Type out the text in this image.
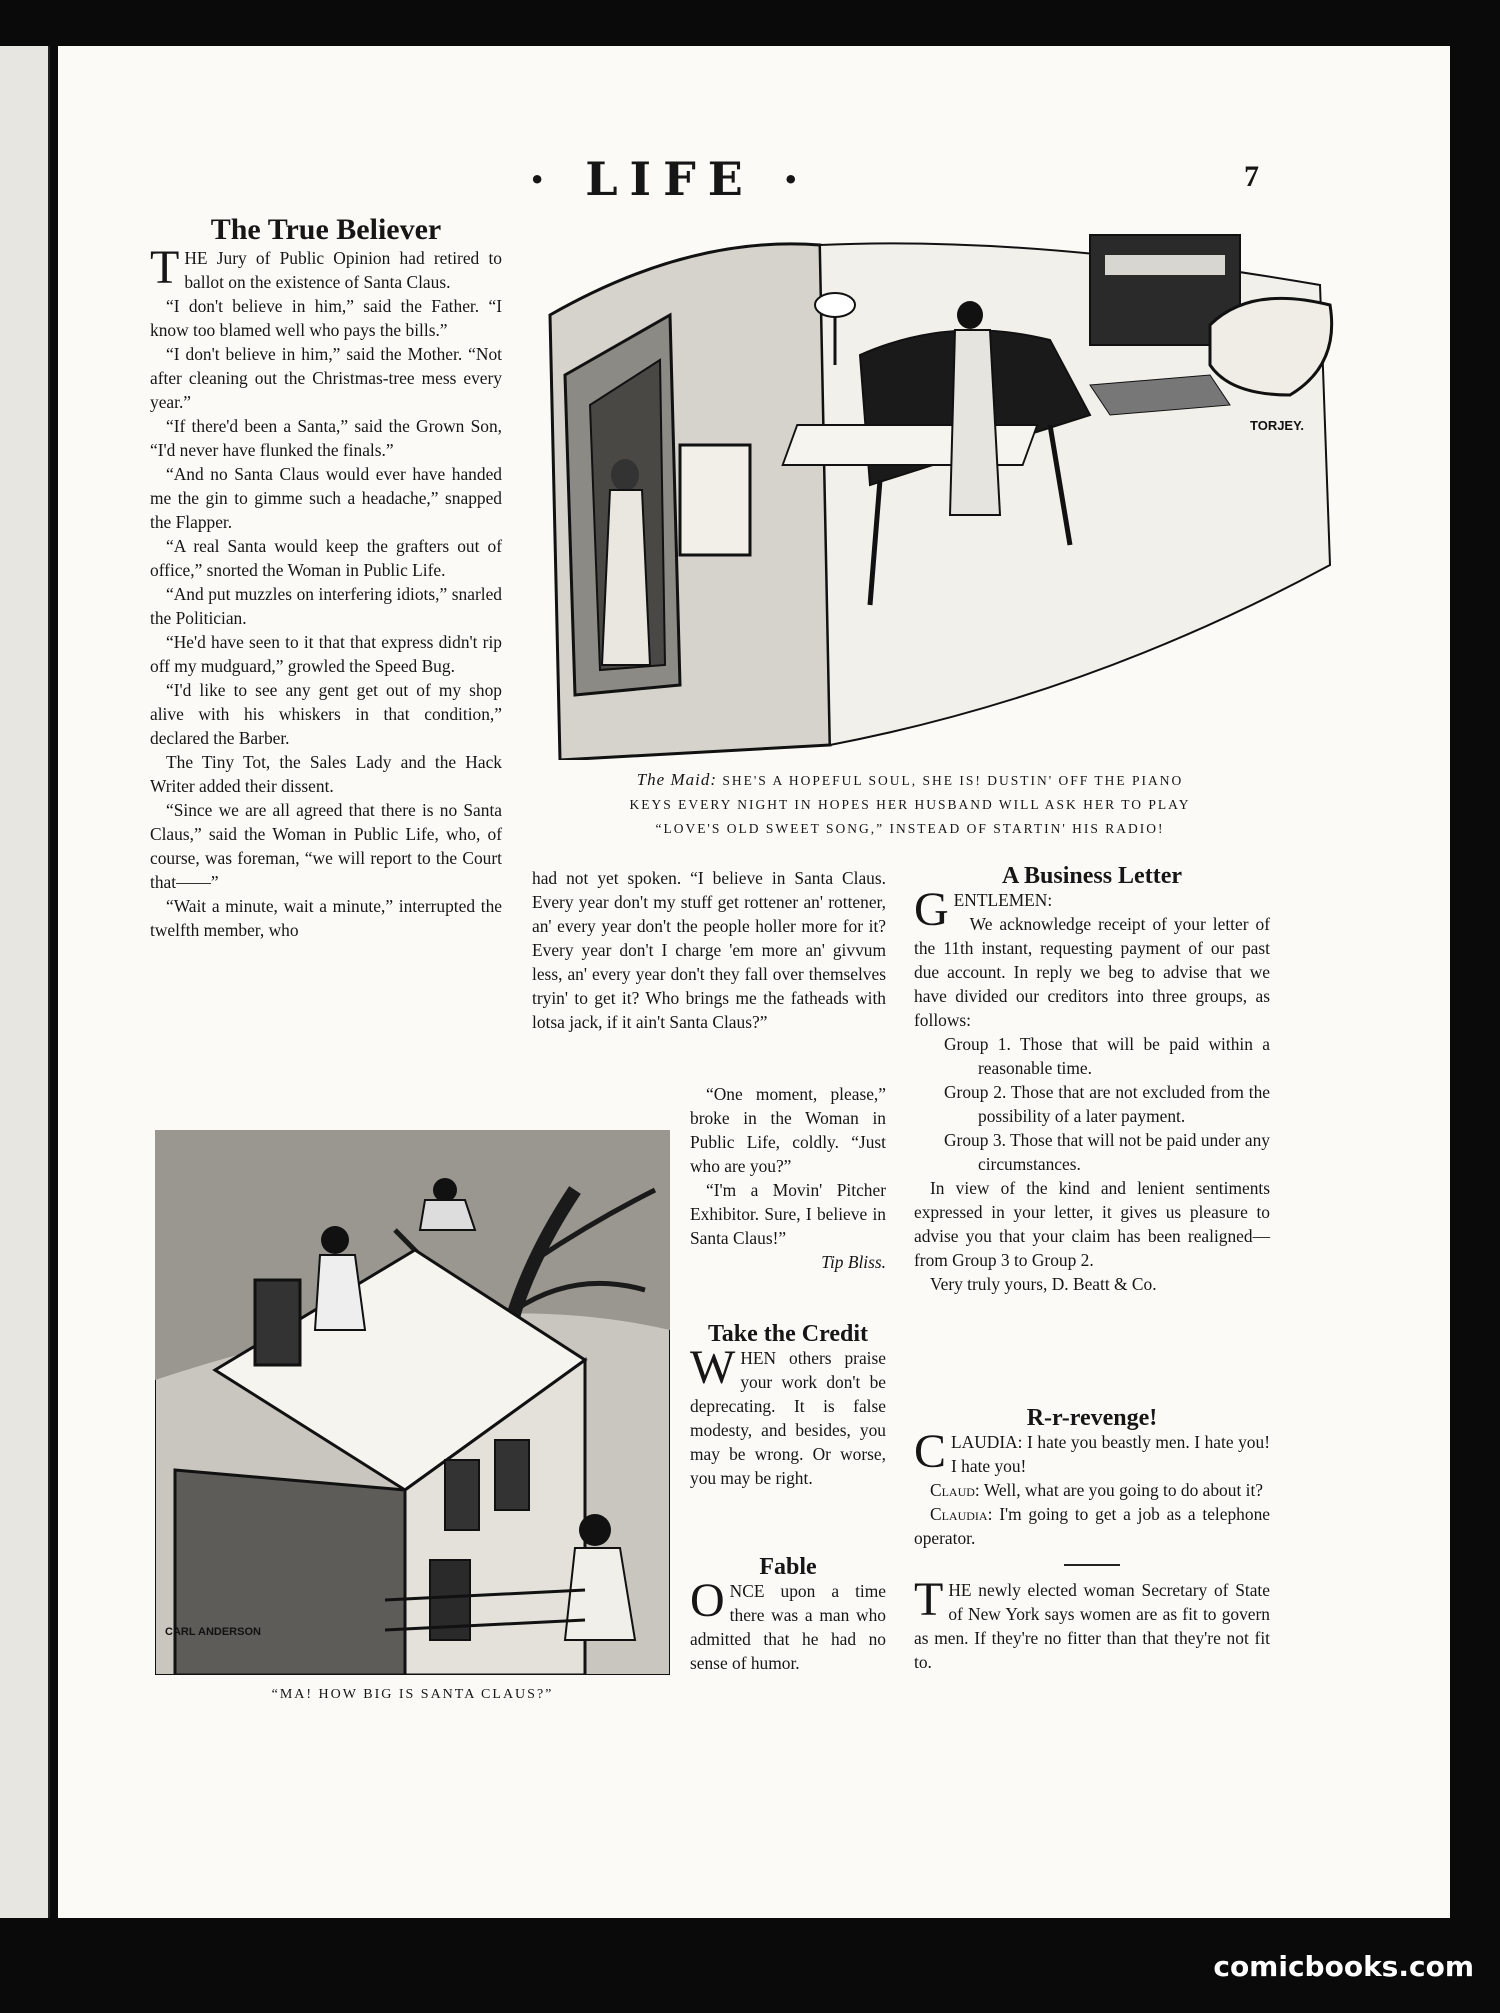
· LIFE ·	7
The True Believer

THE Jury of Public Opinion had retired to ballot on the existence of Santa Claus.

“I don't believe in him,” said the Father. “I know too blamed well who pays the bills.”

“I don't believe in him,” said the Mother. “Not after cleaning out the Christmas-tree mess every year.”

“If there'd been a Santa,” said the Grown Son, “I'd never have flunked the finals.”

“And no Santa Claus would ever have handed me the gin to gimme such a headache,” snapped the Flapper.

“A real Santa would keep the grafters out of office,” snorted the Woman in Public Life.

“And put muzzles on interfering idiots,” snarled the Politician.

“He'd have seen to it that that express didn't rip off my mudguard,” growled the Speed Bug.

“I'd like to see any gent get out of my shop alive with his whiskers in that condition,” declared the Barber.

The Tiny Tot, the Sales Lady and the Hack Writer added their dissent.

“Since we are all agreed that there is no Santa Claus,” said the Woman in Public Life, who, of course, was foreman, “we will report to the Court that——”

“Wait a minute, wait a minute,” interrupted the twelfth member, who

TORJEY.
The Maid: SHE'S A HOPEFUL SOUL, SHE IS! DUSTIN' OFF THE PIANO
KEYS EVERY NIGHT IN HOPES HER HUSBAND WILL ASK HER TO PLAY
“LOVE'S OLD SWEET SONG,” INSTEAD OF STARTIN' HIS RADIO!

had not yet spoken. “I believe in Santa Claus. Every year don't my stuff get rottener an' rottener, an' every year don't the people holler more for it? Every year don't I charge 'em more an' givvum less, an' every year don't they fall over themselves tryin' to get it? Who brings me the fatheads with lotsa jack, if it ain't Santa Claus?”

“One moment, please,” broke in the Woman in Public Life, coldly. “Just who are you?”

“I'm a Movin' Pitcher Exhibitor. Sure, I believe in Santa Claus!”

Tip Bliss.

CARL ANDERSON
“MA! HOW BIG IS SANTA CLAUS?”
Take the Credit

WHEN others praise your work don't be deprecating. It is false modesty, and besides, you may be wrong. Or worse, you may be right.

Fable

ONCE upon a time there was a man who admitted that he had no sense of humor.

A Business Letter

GENTLEMEN:

We acknowledge receipt of your letter of the 11th instant, requesting payment of our past due account. In reply we beg to advise that we have divided our creditors into three groups, as follows:

Group 1. Those that will be paid within a reasonable time.

Group 2. Those that are not excluded from the possibility of a later payment.

Group 3. Those that will not be paid under any circumstances.

In view of the kind and lenient sentiments expressed in your letter, it gives us pleasure to advise you that your claim has been realigned—from Group 3 to Group 2.

Very truly yours, D. Beatt & Co.

R-r-revenge!

CLAUDIA: I hate you beastly men. I hate you! I hate you!

Claud: Well, what are you going to do about it?

Claudia: I'm going to get a job as a telephone operator.

THE newly elected woman Secretary of State of New York says women are as fit to govern as men. If they're no fitter than that they're not fit to.

comicbooks.com
